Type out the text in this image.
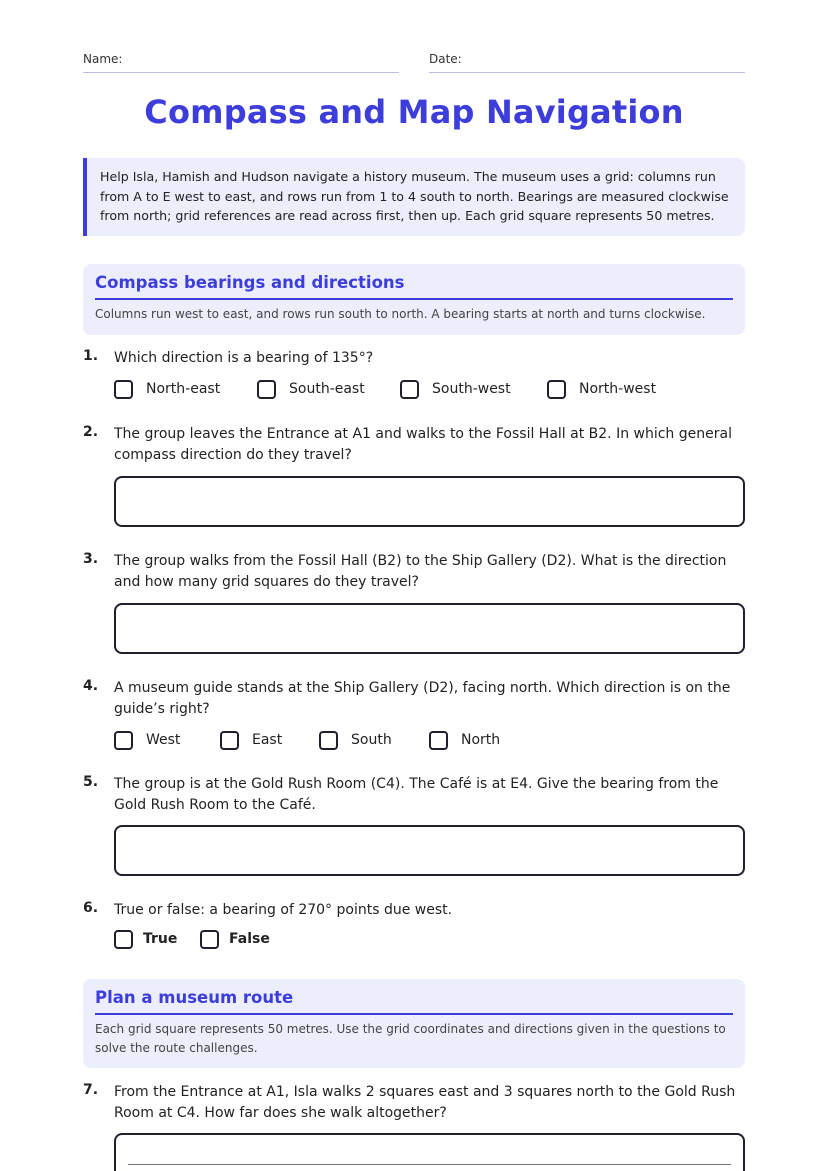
Name:	Date:
Compass and Map Navigation
Help Isla, Hamish and Hudson navigate a history museum. The museum uses a grid: columns run from A to E west to east, and rows run from 1 to 4 south to north. Bearings are measured clockwise from north; grid references are read across first, then up. Each grid square represents 50 metres.
Compass bearings and directions
Columns run west to east, and rows run south to north. A bearing starts at north and turns clockwise.
1. Which direction is a bearing of 135°?
North-east	South-east	South-west	North-west
2. The group leaves the Entrance at A1 and walks to the Fossil Hall at B2. In which general compass direction do they travel?
3. The group walks from the Fossil Hall (B2) to the Ship Gallery (D2). What is the direction and how many grid squares do they travel?
4. A museum guide stands at the Ship Gallery (D2), facing north. Which direction is on the guide’s right?
West	East	South	North
5. The group is at the Gold Rush Room (C4). The Café is at E4. Give the bearing from the Gold Rush Room to the Café.
6. True or false: a bearing of 270° points due west.
True	False
Plan a museum route
Each grid square represents 50 metres. Use the grid coordinates and directions given in the questions to solve the route challenges.
7. From the Entrance at A1, Isla walks 2 squares east and 3 squares north to the Gold Rush Room at C4. How far does she walk altogether?
